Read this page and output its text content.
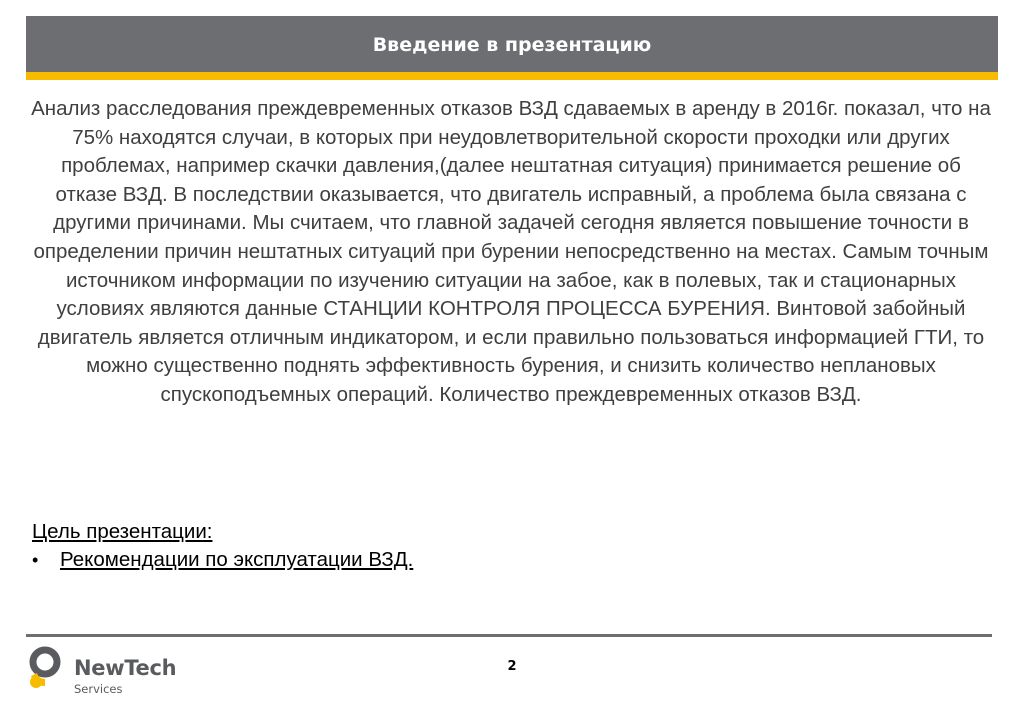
Введение в презентацию

Анализ расследования преждевременных отказов ВЗД сдаваемых в аренду в 2016г. показал, что на 75% находятся случаи, в которых при неудовлетворительной скорости проходки или других проблемах, например скачки давления,(далее нештатная ситуация) принимается решение об отказе ВЗД. В последствии оказывается, что двигатель исправный, а проблема была связана с другими причинами. Мы считаем, что главной задачей сегодня является повышение точности в определении причин нештатных ситуаций при бурении непосредственно на местах. Самым точным источником информации по изучению ситуации на забое, как в полевых, так и стационарных условиях являются данные СТАНЦИИ КОНТРОЛЯ ПРОЦЕССА БУРЕНИЯ. Винтовой забойный двигатель является отличным индикатором, и если правильно пользоваться информацией ГТИ, то можно существенно поднять эффективность бурения, и снизить количество неплановых спускоподъемных операций. Количество преждевременных отказов ВЗД.

Цель презентации:
•	Рекомендации по эксплуатации ВЗД.
NewTech
Services
2
